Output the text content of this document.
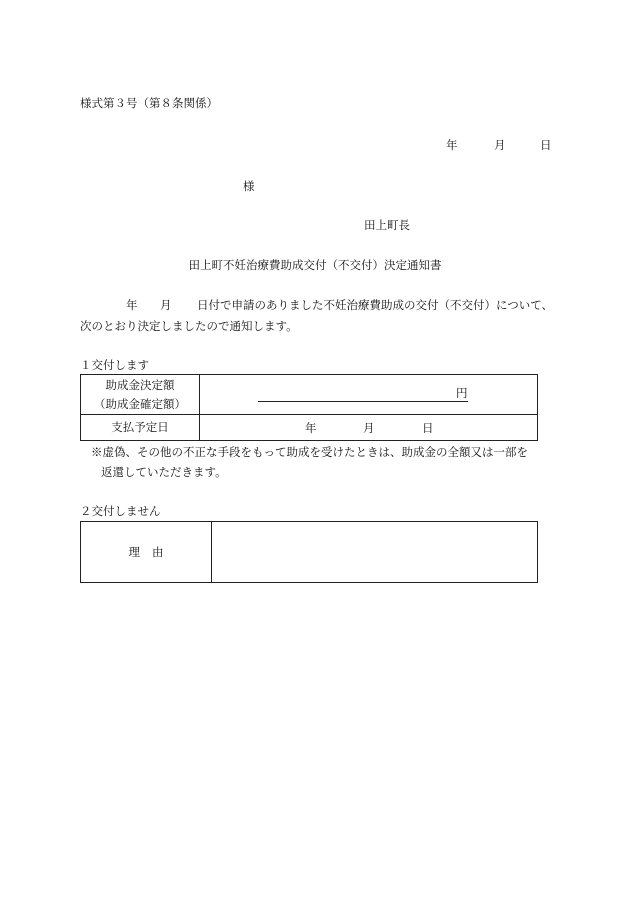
様式第３号（第８条関係）
年	月	日
様
田上町長
田上町不妊治療費助成交付（不交付）決定通知書
年 月 日付で申請のありました不妊治療費助成の交付（不交付）について、
次のとおり決定しましたので通知します。
１交付します
助成金決定額
（助成金確定額）	円

支払予定日	年 月 日
※虚偽、その他の不正な手段をもって助成を受けたときは、助成金の全額又は一部を
返還していただきます。
２交付しません
理由	
